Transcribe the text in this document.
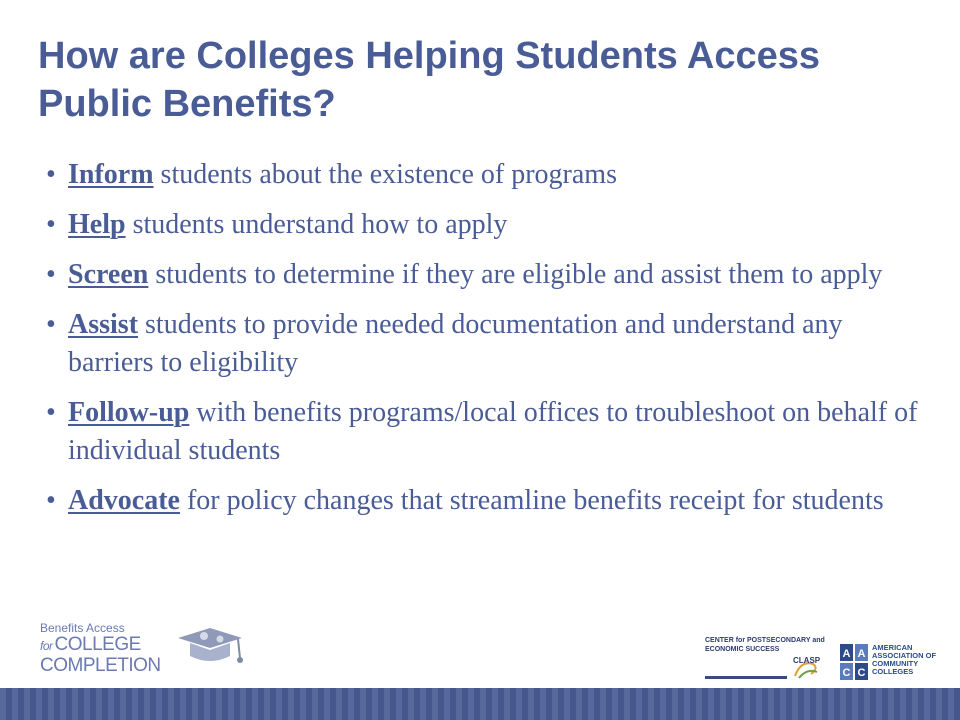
How are Colleges Helping Students Access Public Benefits?
• Inform students about the existence of programs
• Help students understand how to apply
• Screen students to determine if they are eligible and assist them to apply
• Assist students to provide needed documentation and understand any barriers to eligibility
• Follow-up with benefits programs/local offices to troubleshoot on behalf of individual students
• Advocate for policy changes that streamline benefits receipt for students
Benefits Access
for COLLEGE
COMPLETION
CENTER for POSTSECONDARY and
ECONOMIC SUCCESS
CLASP
A A
C C
AMERICAN
ASSOCIATION OF
COMMUNITY
COLLEGES
